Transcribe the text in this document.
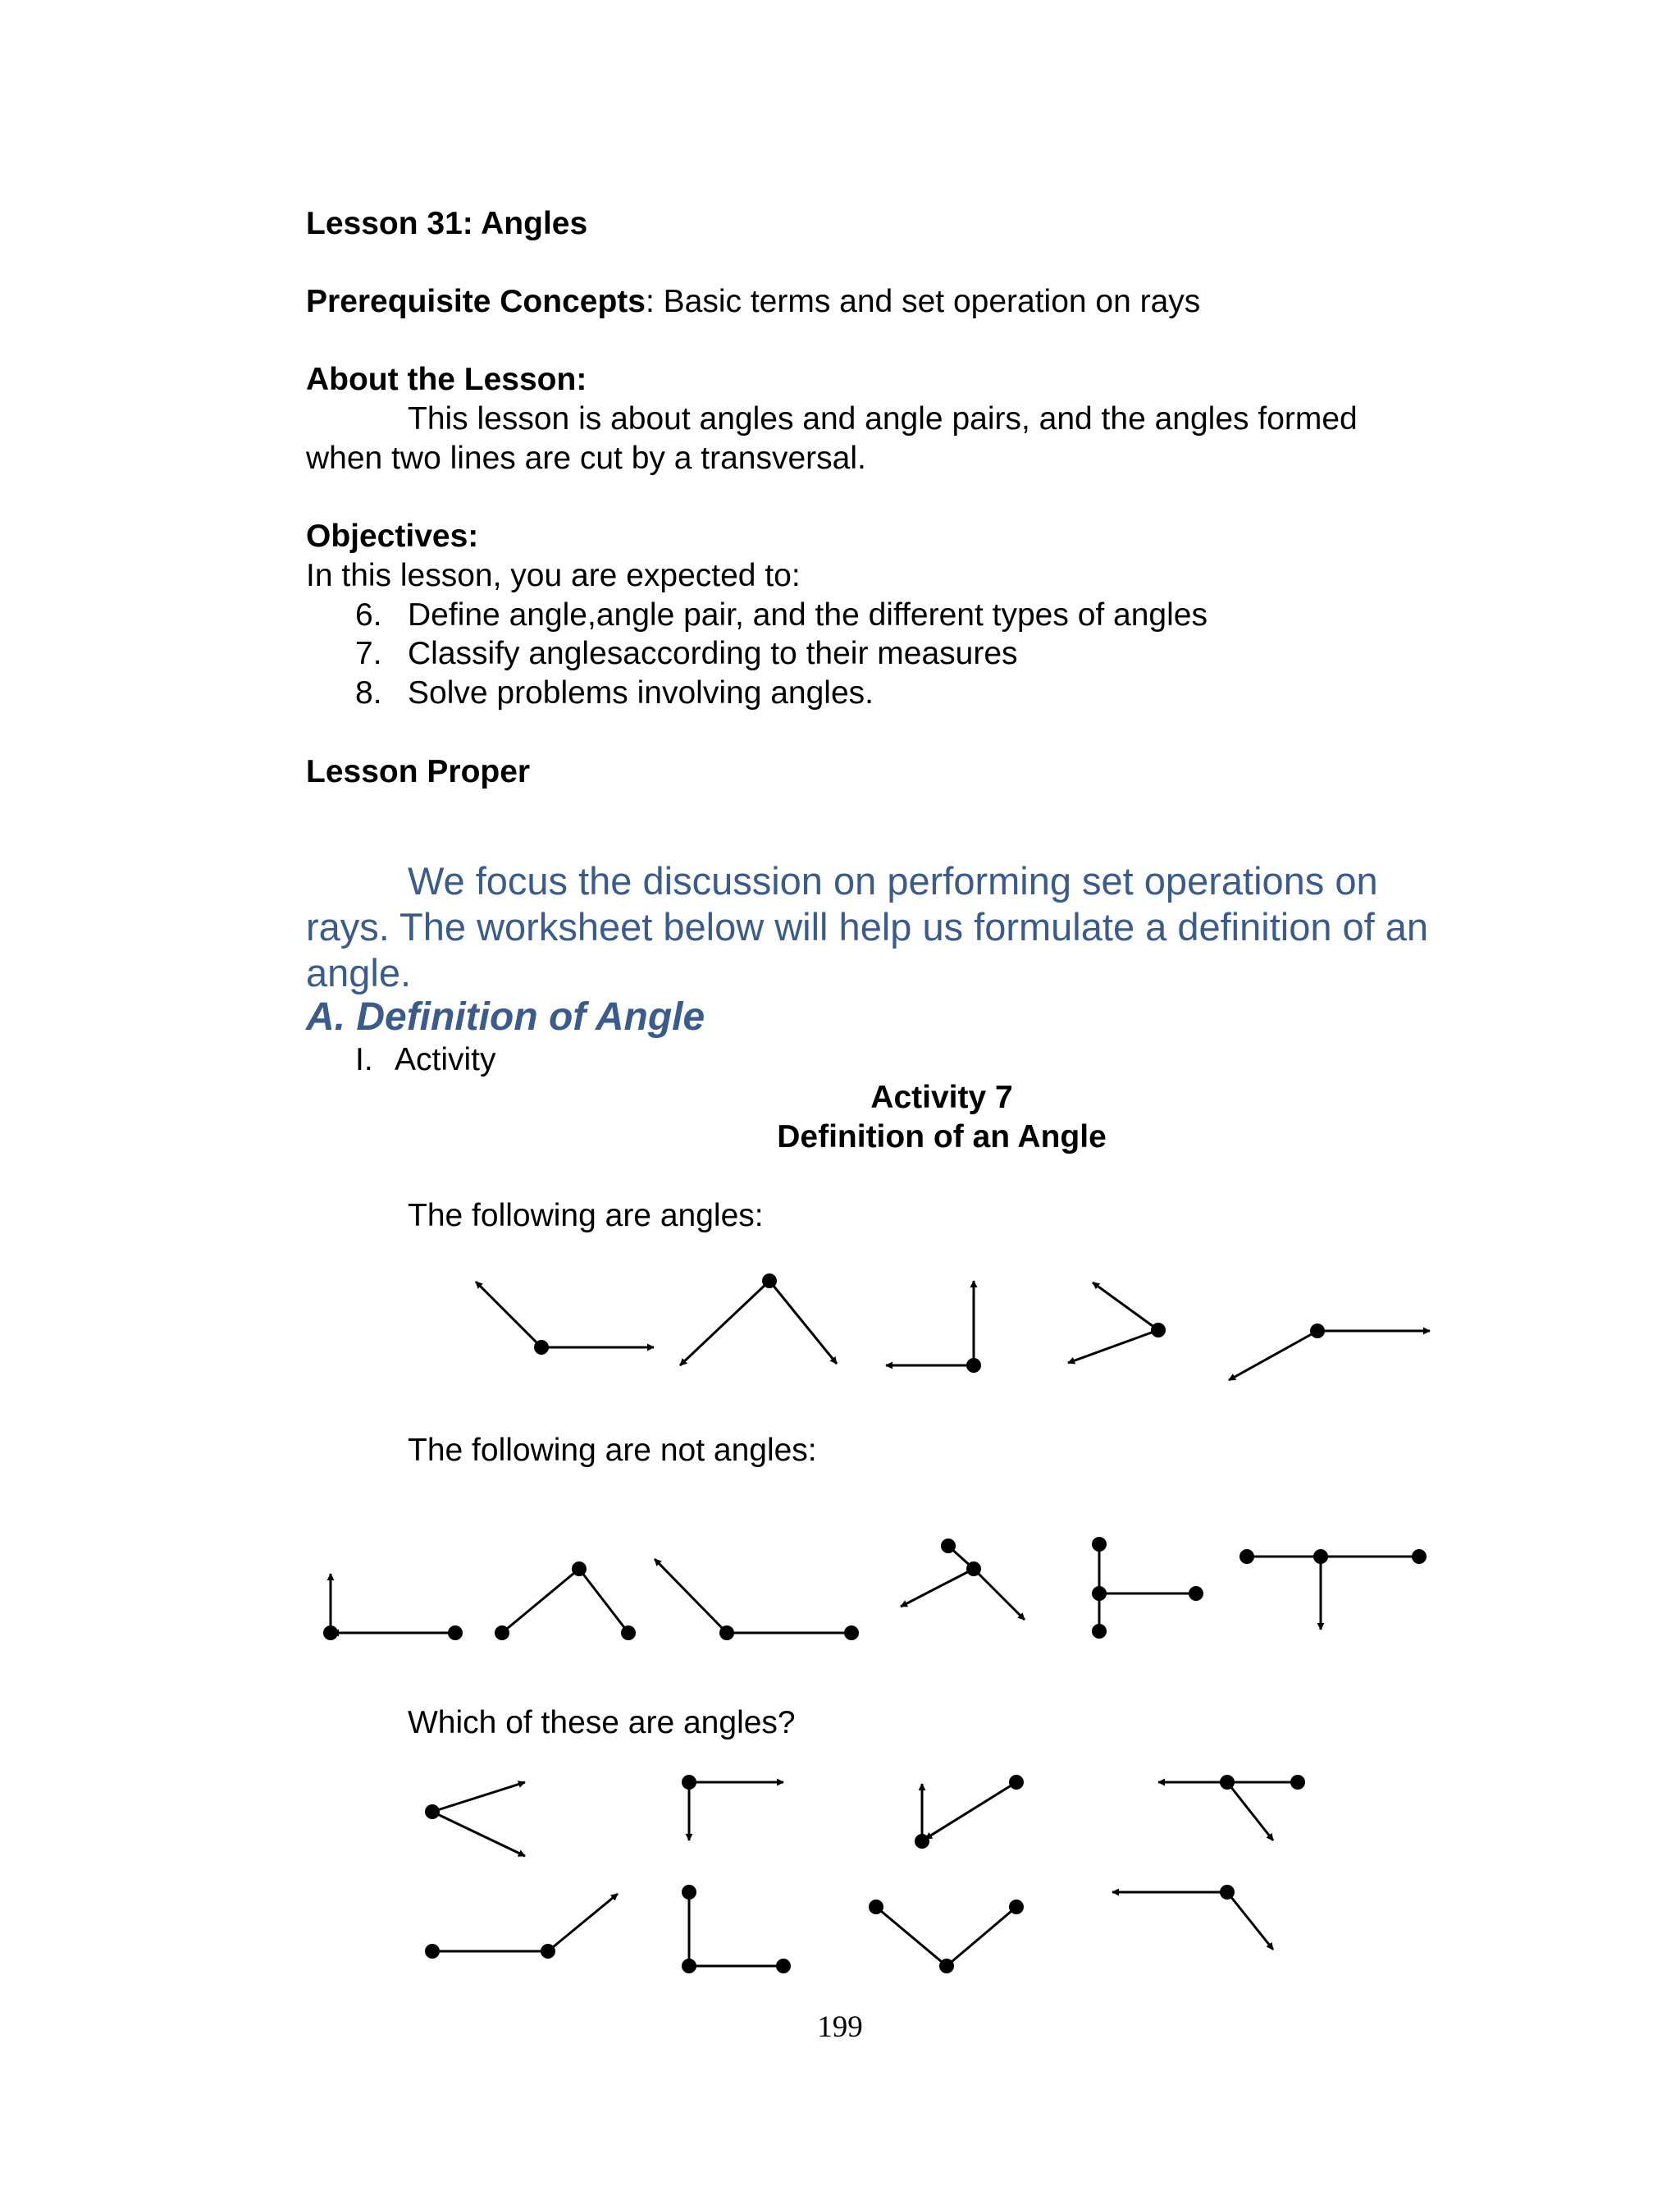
Lesson 31: Angles
Prerequisite Concepts: Basic terms and set operation on rays
About the Lesson:
This lesson is about angles and angle pairs, and the angles formed
when two lines are cut by a transversal.
Objectives:
In this lesson, you are expected to:
6. Define angle,angle pair, and the different types of angles
7. Classify anglesaccording to their measures
8. Solve problems involving angles.
Lesson Proper
We focus the discussion on performing set operations on
rays. The worksheet below will help us formulate a definition of an
angle.
A. Definition of Angle
I. Activity
Activity 7
Definition of an Angle
The following are angles:
The following are not angles:
Which of these are angles?
199
